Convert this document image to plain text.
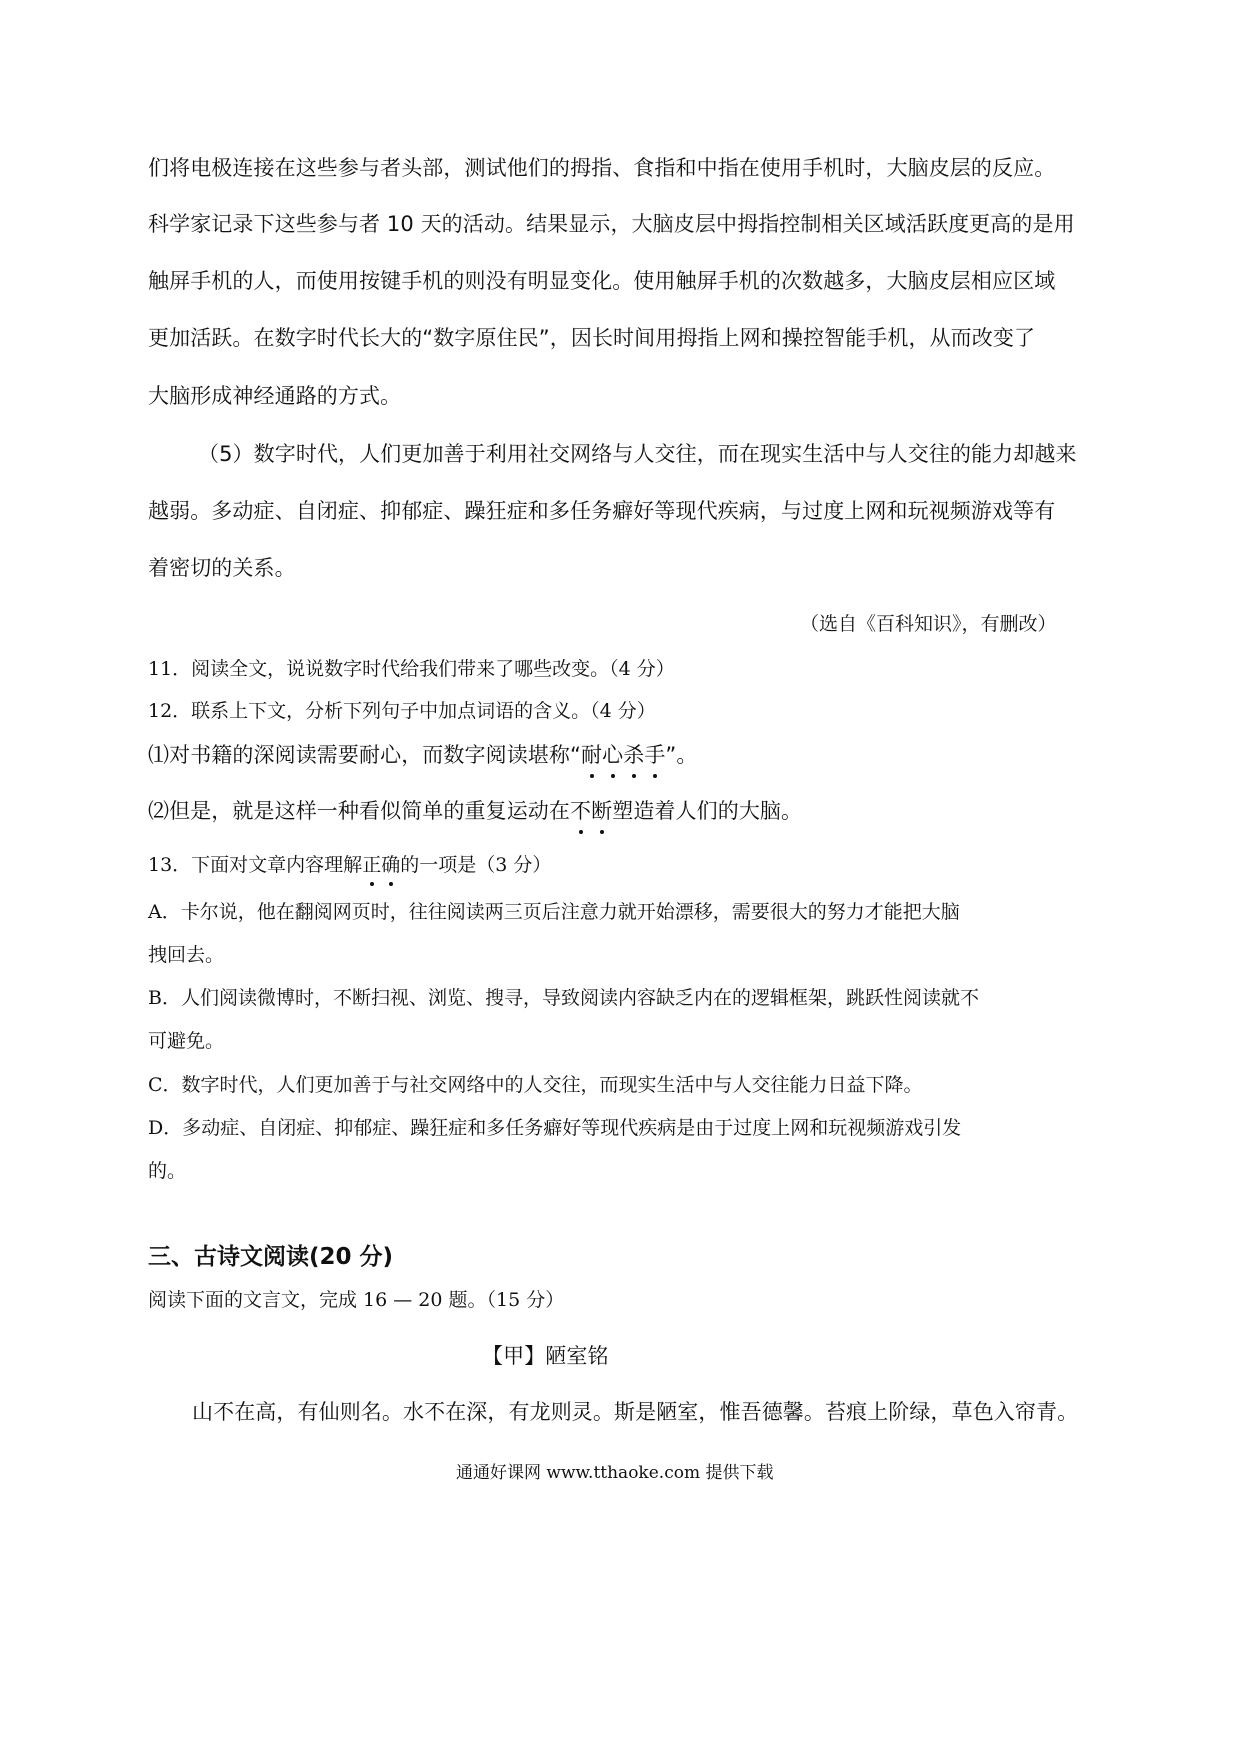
们将电极连接在这些参与者头部，测试他们的拇指、食指和中指在使用手机时，大脑皮层的反应。

科学家记录下这些参与者 10 天的活动。结果显示，大脑皮层中拇指控制相关区域活跃度更高的是用

触屏手机的人，而使用按键手机的则没有明显变化。使用触屏手机的次数越多，大脑皮层相应区域

更加活跃。在数字时代长大的“数字原住民”，因长时间用拇指上网和操控智能手机，从而改变了

大脑形成神经通路的方式。

（5）数字时代，人们更加善于利用社交网络与人交往，而在现实生活中与人交往的能力却越来

越弱。多动症、自闭症、抑郁症、躁狂症和多任务癖好等现代疾病，与过度上网和玩视频游戏等有

着密切的关系。

（选自《百科知识》，有删改）

11．阅读全文，说说数字时代给我们带来了哪些改变。（4 分）

12．联系上下文，分析下列句子中加点词语的含义。（4 分）

⑴对书籍的深阅读需要耐心，而数字阅读堪称“耐心杀手”。

⑵但是，就是这样一种看似简单的重复运动在不断塑造着人们的大脑。

13．下面对文章内容理解正确的一项是（3 分）

A．卡尔说，他在翻阅网页时，往往阅读两三页后注意力就开始漂移，需要很大的努力才能把大脑

拽回去。

B．人们阅读微博时，不断扫视、浏览、搜寻，导致阅读内容缺乏内在的逻辑框架，跳跃性阅读就不

可避免。

C．数字时代，人们更加善于与社交网络中的人交往，而现实生活中与人交往能力日益下降。

D．多动症、自闭症、抑郁症、躁狂症和多任务癖好等现代疾病是由于过度上网和玩视频游戏引发

的。

三、古诗文阅读(20 分)

阅读下面的文言文，完成 16 — 20 题。（15 分）

【甲】陋室铭

山不在高，有仙则名。水不在深，有龙则灵。斯是陋室，惟吾德馨。苔痕上阶绿，草色入帘青。

通通好课网 www.tthaoke.com 提供下载
